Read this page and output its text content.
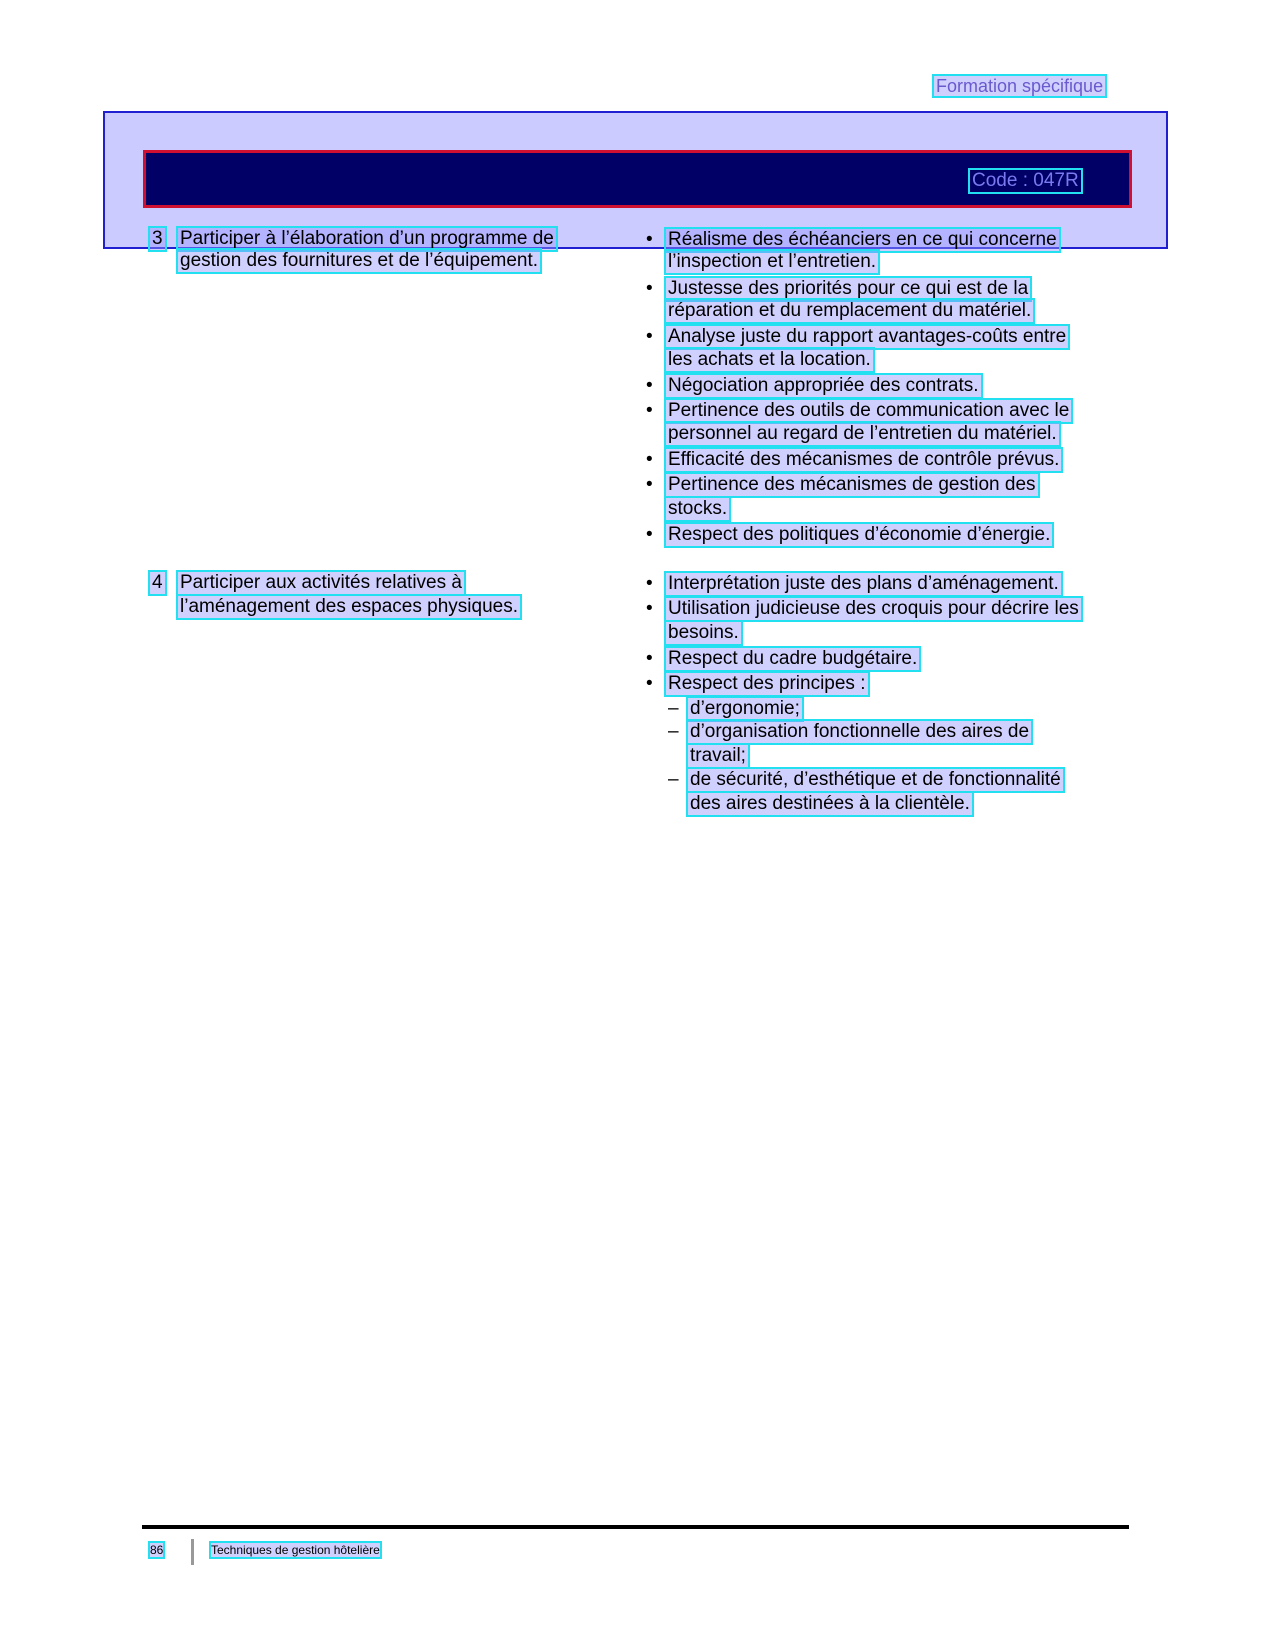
Formation spécifique
Code : 047R
3 Participer à l’élaboration d’un programme de
gestion des fournitures et de l’équipement.
• Réalisme des échéanciers en ce qui concerne
l’inspection et l’entretien.
• Justesse des priorités pour ce qui est de la
réparation et du remplacement du matériel.
• Analyse juste du rapport avantages-coûts entre
les achats et la location.
• Négociation appropriée des contrats.
• Pertinence des outils de communication avec le
personnel au regard de l’entretien du matériel.
• Efficacité des mécanismes de contrôle prévus.
• Pertinence des mécanismes de gestion des
stocks.
• Respect des politiques d’économie d’énergie.
4 Participer aux activités relatives à
l’aménagement des espaces physiques.
• Interprétation juste des plans d’aménagement.
• Utilisation judicieuse des croquis pour décrire les
besoins.
• Respect du cadre budgétaire.
• Respect des principes :
– d’ergonomie;
– d’organisation fonctionnelle des aires de
travail;
– de sécurité, d’esthétique et de fonctionnalité
des aires destinées à la clientèle.
86	Techniques de gestion hôtelière
